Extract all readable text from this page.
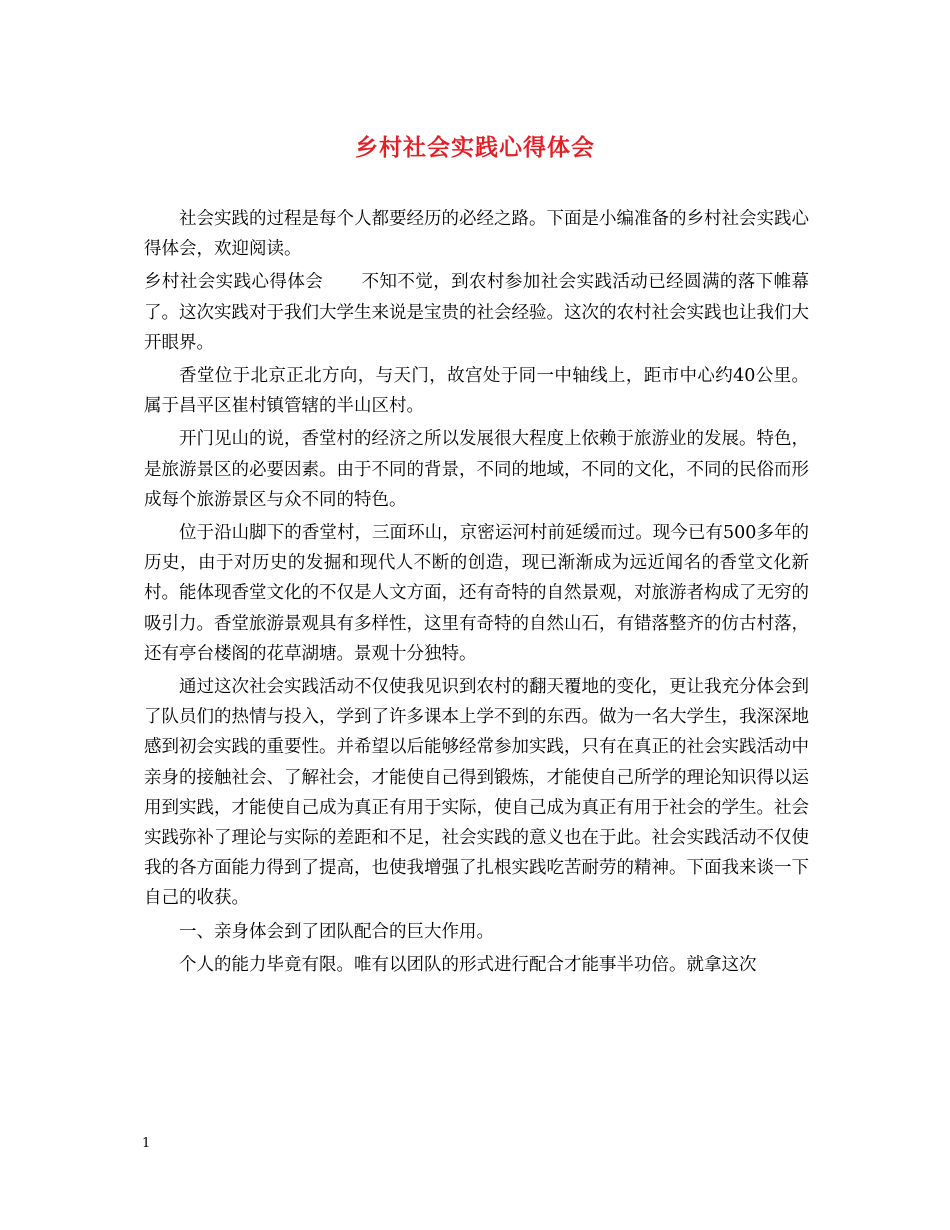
乡村社会实践心得体会

社会实践的过程是每个人都要经历的必经之路。下面是小编准备的乡村社会实践心得体会，欢迎阅读。

乡村社会实践心得体会 不知不觉，到农村参加社会实践活动已经圆满的落下帷幕了。这次实践对于我们大学生来说是宝贵的社会经验。这次的农村社会实践也让我们大开眼界。

香堂位于北京正北方向，与天门，故宫处于同一中轴线上，距市中心约40公里。属于昌平区崔村镇管辖的半山区村。

开门见山的说，香堂村的经济之所以发展很大程度上依赖于旅游业的发展。特色，是旅游景区的必要因素。由于不同的背景，不同的地域，不同的文化，不同的民俗而形成每个旅游景区与众不同的特色。

位于沿山脚下的香堂村，三面环山，京密运河村前延缓而过。现今已有500多年的历史，由于对历史的发掘和现代人不断的创造，现已渐渐成为远近闻名的香堂文化新村。能体现香堂文化的不仅是人文方面，还有奇特的自然景观，对旅游者构成了无穷的吸引力。香堂旅游景观具有多样性，这里有奇特的自然山石，有错落整齐的仿古村落，还有亭台楼阁的花草湖塘。景观十分独特。

通过这次社会实践活动不仅使我见识到农村的翻天覆地的变化，更让我充分体会到了队员们的热情与投入，学到了许多课本上学不到的东西。做为一名大学生，我深深地感到初会实践的重要性。并希望以后能够经常参加实践，只有在真正的社会实践活动中亲身的接触社会、了解社会，才能使自己得到锻炼，才能使自己所学的理论知识得以运用到实践，才能使自己成为真正有用于实际，使自己成为真正有用于社会的学生。社会实践弥补了理论与实际的差距和不足，社会实践的意义也在于此。社会实践活动不仅使我的各方面能力得到了提高，也使我增强了扎根实践吃苦耐劳的精神。下面我来谈一下自己的收获。

一、亲身体会到了团队配合的巨大作用。

个人的能力毕竟有限。唯有以团队的形式进行配合才能事半功倍。就拿这次

1
